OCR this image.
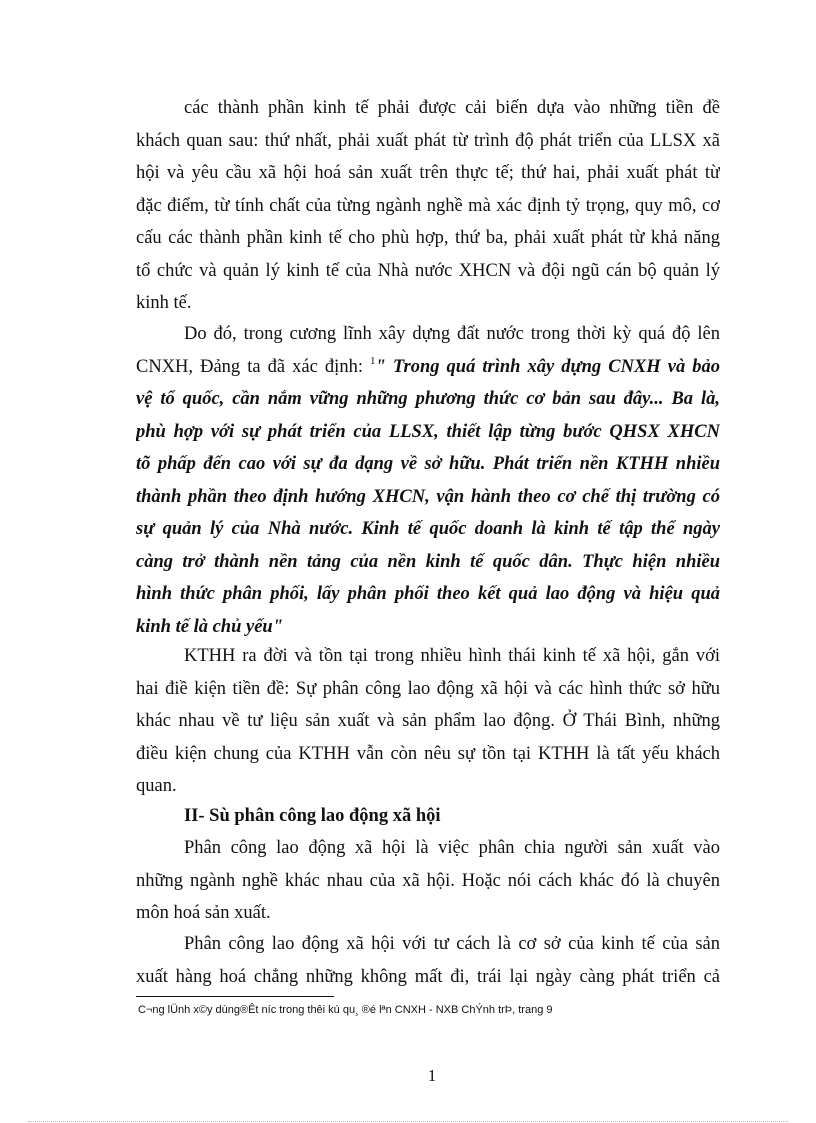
các thành phần kinh tế phải được cải biến dựa vào những tiền đề
khách quan sau: thứ nhất, phải xuất phát từ trình độ phát triển của LLSX xã
hội và yêu cầu xã hội hoá sản xuất trên thực tế; thứ hai, phải xuất phát từ
đặc điểm, từ tính chất của từng ngành nghề mà xác định tỷ trọng, quy mô, cơ
cấu các thành phần kinh tế cho phù hợp, thứ ba, phải xuất phát từ khả năng
tổ chức và quản lý kinh tế của Nhà nước XHCN và đội ngũ cán bộ quản lý
kinh tế.
Do đó, trong cương lĩnh xây dựng đất nước trong thời kỳ quá độ lên
CNXH, Đảng ta đã xác định: $^1$" Trong quá trình xây dựng CNXH và bảo
vệ tổ quốc, cần nắm vững những phương thức cơ bản sau đây... Ba là,
phù hợp với sự phát triển của LLSX, thiết lập từng bước QHSX XHCN
tõ phấp đến cao với sự đa dạng về sở hữu. Phát triển nền KTHH nhiều
thành phần theo định hướng XHCN, vận hành theo cơ chế thị trường có
sự quản lý của Nhà nước. Kinh tế quốc doanh là kinh tế tập thể ngày
càng trở thành nền tảng của nền kinh tế quốc dân. Thực hiện nhiều
hình thức phân phối, lấy phân phối theo kết quả lao động và hiệu quả
kinh tế là chủ yếu"
KTHH ra đời và tồn tại trong nhiều hình thái kinh tế xã hội, gắn với
hai điề kiện tiền đề: Sự phân công lao động xã hội và các hình thức sở hữu
khác nhau về tư liệu sản xuất và sản phẩm lao động. Ở Thái Bình, những
điều kiện chung của KTHH vẫn còn nêu sự tồn tại KTHH là tất yếu khách
quan.
II- Sù phân công lao động xã hội
Phân công lao động xã hội là việc phân chia người sản xuất vào
những ngành nghề khác nhau của xã hội. Hoặc nói cách khác đó là chuyên
môn hoá sản xuất.
Phân công lao động xã hội với tư cách là cơ sở của kinh tế của sản
xuất hàng hoá chẳng những không mất đi, trái lại ngày càng phát triển cả
C¬ng lÜnh x©y dùng®Êt níc trong thêi kú qu¸ ®é lªn CNXH - NXB ChÝnh trÞ, trang 9
1
